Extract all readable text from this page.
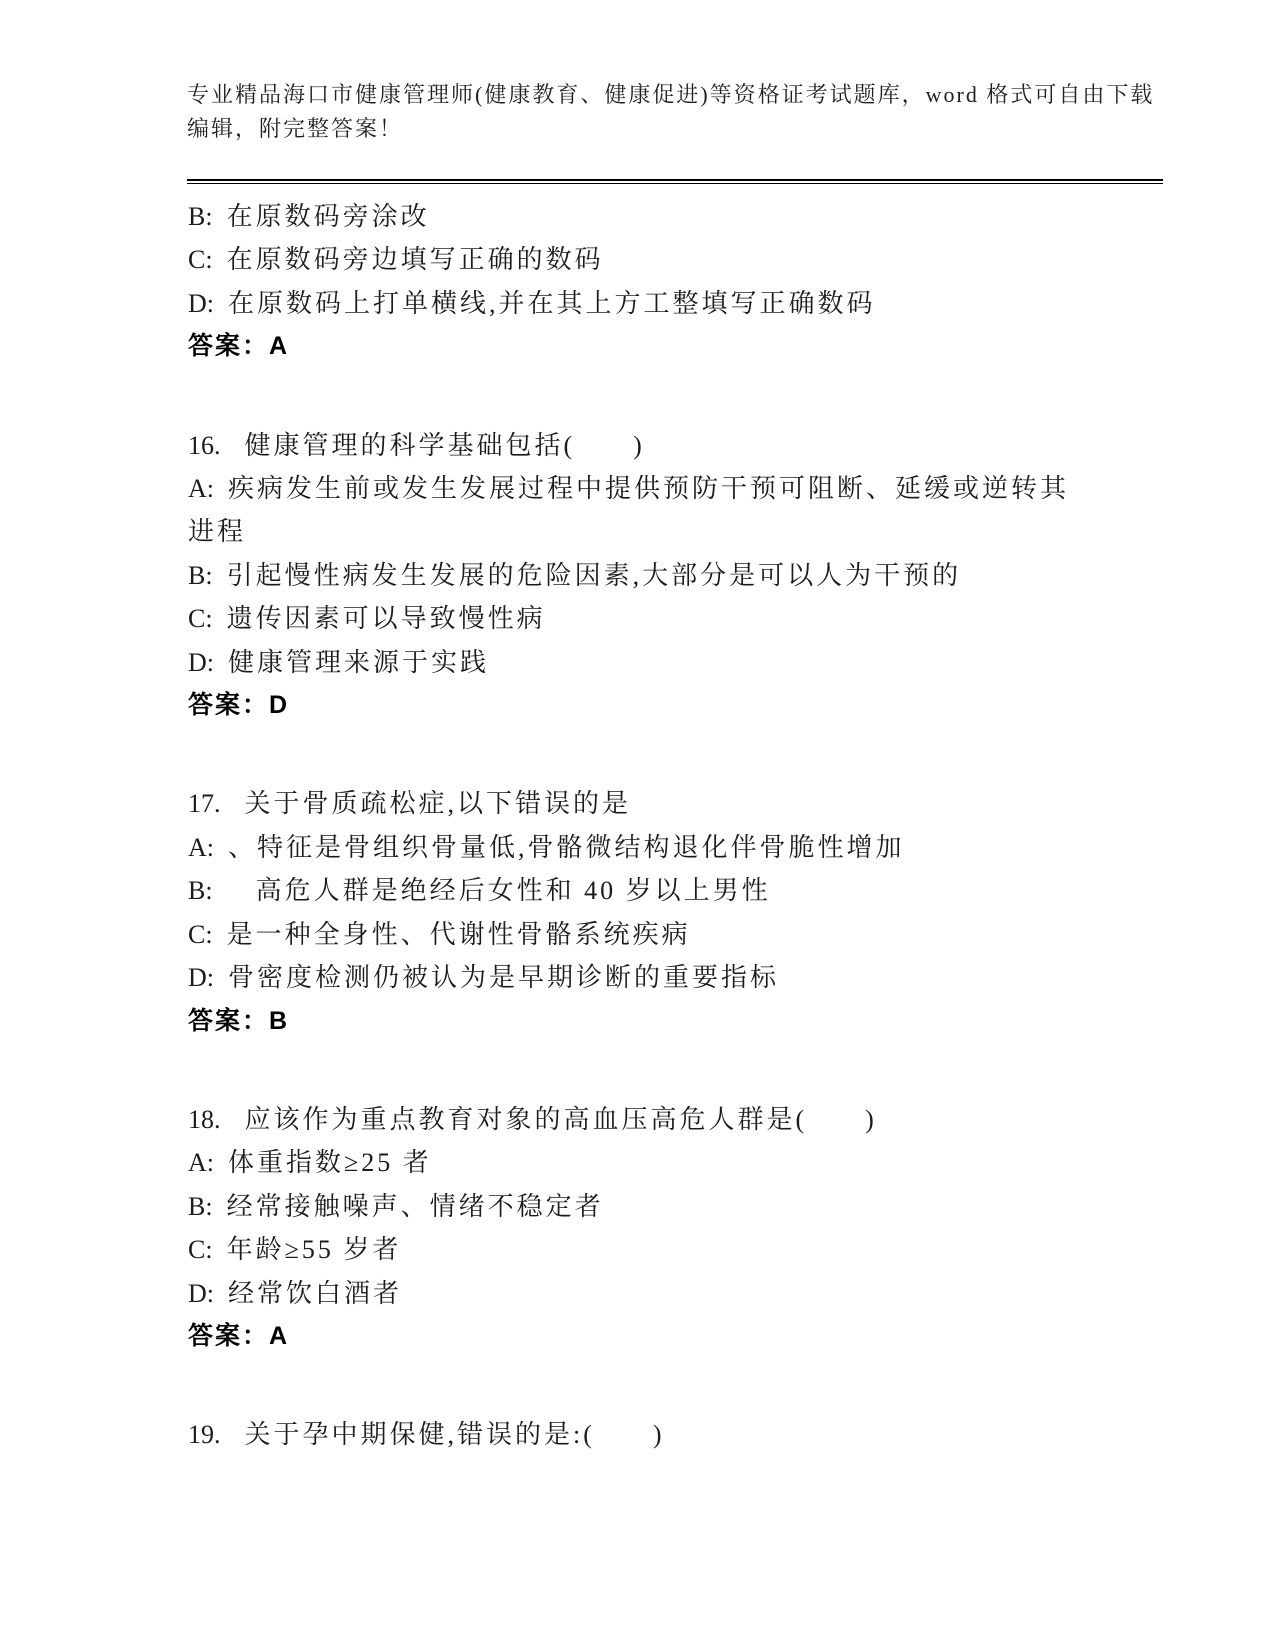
专业精品海口市健康管理师(健康教育、健康促进)等资格证考试题库，word 格式可自由下载编辑，附完整答案！

B: 在原数码旁涂改

C: 在原数码旁边填写正确的数码

D: 在原数码上打单横线,并在其上方工整填写正确数码

答案：A

16. 健康管理的科学基础包括(　　)

A: 疾病发生前或发生发展过程中提供预防干预可阻断、延缓或逆转其进程

B: 引起慢性病发生发展的危险因素,大部分是可以人为干预的

C: 遗传因素可以导致慢性病

D: 健康管理来源于实践

答案：D

17. 关于骨质疏松症,以下错误的是

A: 、特征是骨组织骨量低,骨骼微结构退化伴骨脆性增加

B:　高危人群是绝经后女性和 40 岁以上男性

C: 是一种全身性、代谢性骨骼系统疾病

D: 骨密度检测仍被认为是早期诊断的重要指标

答案：B

18. 应该作为重点教育对象的高血压高危人群是(　　)

A: 体重指数≥25 者

B: 经常接触噪声、情绪不稳定者

C: 年龄≥55 岁者

D: 经常饮白酒者

答案：A

19. 关于孕中期保健,错误的是:(　　)
